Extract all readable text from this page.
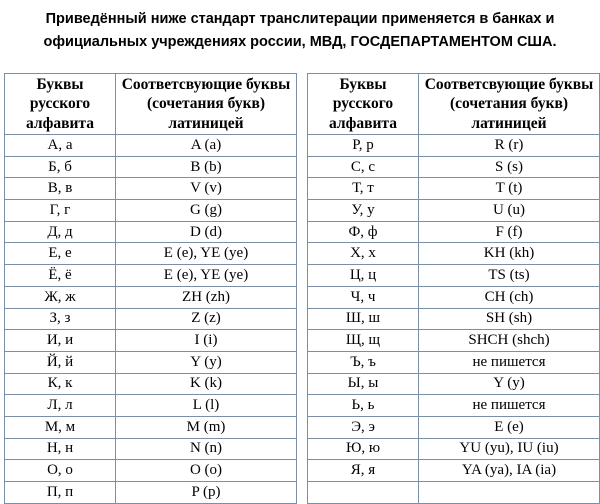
Приведённый ниже стандарт транслитерации применяется в банках и
официальных учреждениях россии, МВД, ГОСДЕПАРТАМЕНТОМ США.
Буквы русского алфавита	Соответсвующие буквы (сочетания букв) латиницей
А, а	A (a)
Б, б	B (b)
В, в	V (v)
Г, г	G (g)
Д, д	D (d)
Е, е	E (e), YE (ye)
Ё, ё	E (e), YE (ye)
Ж, ж	ZH (zh)
З, з	Z (z)
И, и	I (i)
Й, й	Y (y)
К, к	K (k)
Л, л	L (l)
М, м	M (m)
Н, н	N (n)
О, о	O (o)
П, п	P (p)
Буквы русского алфавита	Соответсвующие буквы (сочетания букв) латиницей
Р, р	R (r)
С, с	S (s)
Т, т	T (t)
У, у	U (u)
Ф, ф	F (f)
Х, х	KH (kh)
Ц, ц	TS (ts)
Ч, ч	CH (ch)
Ш, ш	SH (sh)
Щ, щ	SHCH (shch)
Ъ, ъ	не пишется
Ы, ы	Y (y)
Ь, ь	не пишется
Э, э	E (e)
Ю, ю	YU (yu), IU (iu)
Я, я	YA (ya), IA (ia)
